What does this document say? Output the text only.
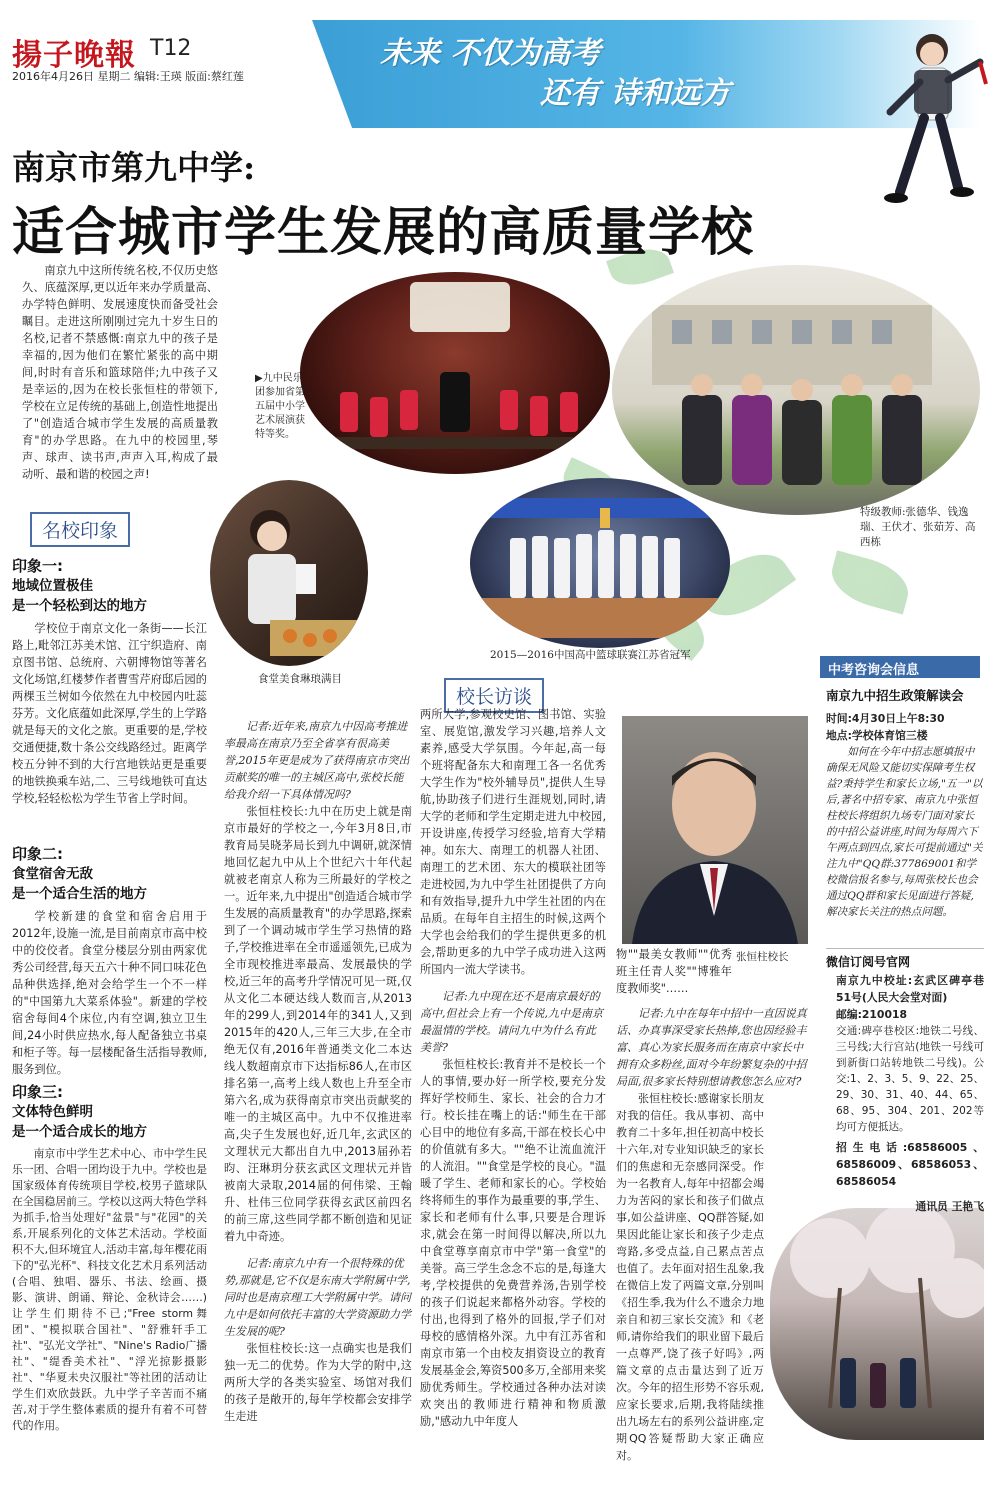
揚子晚報 T12
2016年4月26日 星期二 编辑:王瑛 版面:蔡红莲
未来 不仅为高考
还有 诗和远方
南京市第九中学:
适合城市学生发展的高质量学校

南京九中这所传统名校,不仅历史悠久、底蕴深厚,更以近年来办学质量高、办学特色鲜明、发展速度快而备受社会瞩目。走进这所刚刚过完九十岁生日的名校,记者不禁感慨:南京九中的孩子是幸福的,因为他们在繁忙紧张的高中期间,时时有音乐和篮球陪伴;九中孩子又是幸运的,因为在校长张恒柱的带领下,学校在立足传统的基础上,创造性地提出了"创造适合城市学生发展的高质量教育"的办学思路。在九中的校园里,琴声、球声、读书声,声声入耳,构成了最动听、最和谐的校园之声!

▶九中民乐团参加省第五届中小学艺术展演获特等奖。
特级教师:张德华、钱逸瑞、王伏才、张茹芳、高西栋
2015—2016中国高中篮球联赛江苏省冠军
食堂美食琳琅满目
名校印象
印象一:
地域位置极佳
是一个轻松到达的地方

学校位于南京文化一条街——长江路上,毗邻江苏美术馆、江宁织造府、南京图书馆、总统府、六朝博物馆等著名文化场馆,红楼梦作者曹雪芹府邸后园的两棵玉兰树如今依然在九中校园内吐蕊芬芳。文化底蕴如此深厚,学生的上学路就是每天的文化之旅。更重要的是,学校交通便捷,数十条公交线路经过。距离学校五分钟不到的大行宫地铁站更是重要的地铁换乘车站,二、三号线地铁可直达学校,轻轻松松为学生节省上学时间。

印象二:
食堂宿舍无敌
是一个适合生活的地方

学校新建的食堂和宿舍启用于2012年,设施一流,是目前南京市高中校中的佼佼者。食堂分楼层分别由两家优秀公司经营,每天五六十种不同口味花色品种供选择,绝对会给学生一个不一样的"中国第九大菜系体验"。新建的学校宿舍每间4个床位,内有空调,独立卫生间,24小时供应热水,每人配备独立书桌和柜子等。每一层楼配备生活指导教师,服务到位。

印象三:
文体特色鲜明
是一个适合成长的地方

南京市中学生艺术中心、市中学生民乐一团、合唱一团均设于九中。学校也是国家级体育传统项目学校,校男子篮球队在全国稳居前三。学校以这两大特色学科为抓手,恰当处理好"盆景"与"花园"的关系,开展系列化的文体艺术活动。学校面积不大,但环境宜人,活动丰富,每年樱花雨下的"弘光杯"、科技文化艺术月系列活动(合唱、独唱、器乐、书法、绘画、摄影、演讲、朗诵、辩论、金秋诗会……)让学生们期待不已;"Free storm舞团"、"模拟联合国社"、"舒雅轩手工社"、"弘光文学社"、"Nine's Radio广播社"、"缇香美术社"、"浮光掠影摄影社"、"华夏未央汉服社"等社团的活动让学生们欢欣鼓跃。九中学子辛苦而不痛苦,对于学生整体素质的提升有着不可替代的作用。

记者:近年来,南京九中因高考推进率最高在南京乃至全省享有很高美誉,2015年更是成为了获得南京市突出贡献奖的唯一的主城区高中,张校长能给我介绍一下具体情况吗?

张恒柱校长:九中在历史上就是南京市最好的学校之一,今年3月8日,市教育局吴晓茅局长到九中调研,就深情地回忆起九中从上个世纪六十年代起就被老南京人称为三所最好的学校之一。近年来,九中提出"创造适合城市学生发展的高质量教育"的办学思路,探索到了一个调动城市学生学习热情的路子,学校推进率在全市遥遥领先,已成为全市现校推进率最高、发展最快的学校,近三年的高考升学情况可见一斑,仅从文化二本硬达线人数而言,从2013年的299人,到2014年的341人,又到2015年的420人,三年三大步,在全市绝无仅有,2016年普通类文化二本达线人数超南京市下达指标86人,在市区排名第一,高考上线人数也上升至全市第六名,成为获得南京市突出贡献奖的唯一的主城区高中。九中不仅推进率高,尖子生发展也好,近几年,玄武区的文理状元大都出自九中,2013届孙若昀、汪琳玥分获玄武区文理状元并皆被南大录取,2014届的何伟梁、王翰升、杜伟三位同学获得玄武区前四名的前三席,这些同学都不断创造和见证着九中奇迹。

记者:南京九中有一个很特殊的优势,那就是,它不仅是东南大学附属中学,同时也是南京理工大学附属中学。请问九中是如何依托丰富的大学资源助力学生发展的呢?

张恒柱校长:这一点确实也是我们独一无二的优势。作为大学的附中,这两所大学的各类实验室、场馆对我们的孩子是敞开的,每年学校都会安排学生走进

校长访谈

两所大学,参观校史馆、图书馆、实验室、展览馆,激发学习兴趣,培养人文素养,感受大学氛围。今年起,高一每个班将配备东大和南理工各一名优秀大学生作为"校外辅导员",提供人生导航,协助孩子们进行生涯规划,同时,请大学的老师和学生定期走进九中校园,开设讲座,传授学习经验,培育大学精神。如东大、南理工的机器人社团、南理工的艺术团、东大的模联社团等走进校园,为九中学生社团提供了方向和有效指导,提升九中学生社团的内在品质。在每年自主招生的时候,这两个大学也会给我们的学生提供更多的机会,帮助更多的九中学子成功进入这两所国内一流大学读书。

记者:九中现在还不是南京最好的高中,但社会上有一个传说,九中是南京最温情的学校。请问九中为什么有此美誉?

张恒柱校长:教育并不是校长一个人的事情,要办好一所学校,要充分发挥好学校师生、家长、社会的合力才行。校长挂在嘴上的话:"师生在干部心目中的地位有多高,干部在校长心中的价值就有多大。""绝不让流血流汗的人流泪。""食堂是学校的良心。"温暖了学生、老师和家长的心。学校始终将师生的事作为最重要的事,学生、家长和老师有什么事,只要是合理诉求,就会在第一时间得以解决,所以九中食堂尊享南京市中学"第一食堂"的美誉。高三学生念念不忘的是,每逢大考,学校提供的免费营养汤,告别学校的孩子们说起来都格外动容。学校的付出,也得到了格外的回报,学子们对母校的感情格外深。九中有江苏省和南京市第一个由校友捐资设立的教育发展基金会,筹资500多万,全部用来奖励优秀师生。学校通过各种办法对读欢突出的教师进行精神和物质激励,"感动九中年度人

张恒柱校长

物""最美女教师""优秀班主任青人奖""博雅年度教师奖"……

记者:九中在每年中招中一直因说真话、办真事深受家长热捧,您也因经验丰富、真心为家长服务而在南京中家长中拥有众多粉丝,面对今年纷繁复杂的中招局面,很多家长特别想请教您怎么应对?

张恒柱校长:感谢家长朋友对我的信任。我从事初、高中教育二十多年,担任初高中校长十六年,对专业知识缺乏的家长们的焦虑和无奈感同深受。作为一名教育人,每年中招都会竭力为苦闷的家长和孩子们做点事,如公益讲座、QQ群答疑,如果因此能让家长和孩子少走点弯路,多受点益,自己累点苦点也值了。去年面对招生乱象,我在微信上发了两篇文章,分别叫《招生季,我为什么不遗余力地亲自和初三家长交流》和《老师,请你给我们的职业留下最后一点尊严,饶了孩子好吗》,两篇文章的点击量达到了近万次。今年的招生形势不容乐观,应家长要求,后期,我将陆续推出九场左右的系列公益讲座,定期QQ答疑帮助大家正确应对。

中考咨询会信息
南京九中招生政策解读会
时间:4月30日上午8:30
地点:学校体育馆三楼

如何在今年中招志愿填报中确保无风险又能切实保障考生权益?秉持学生和家长立场,"五一"以后,著名中招专家、南京九中张恒柱校长将组织九场专门面对家长的中招公益讲座,时间为每周六下午两点到四点,家长可提前通过"关注九中"QQ群:377869001和学校微信报名参与,每周张校长也会通过QQ群和家长见面进行答疑,解决家长关注的热点问题。

微信订阅号官网
南京九中校址:玄武区碑亭巷51号(人民大会堂对面)
邮编:210018
交通:碑亭巷校区:地铁二号线、三号线;大行宫站(地铁一号线可到新街口站转地铁二号线)。公交:1、2、3、5、9、22、25、29、30、31、40、44、65、68、95、304、201、202等均可方便抵达。
招生电话:68586005、68586009、68586053、68586054
通讯员 王艳飞
